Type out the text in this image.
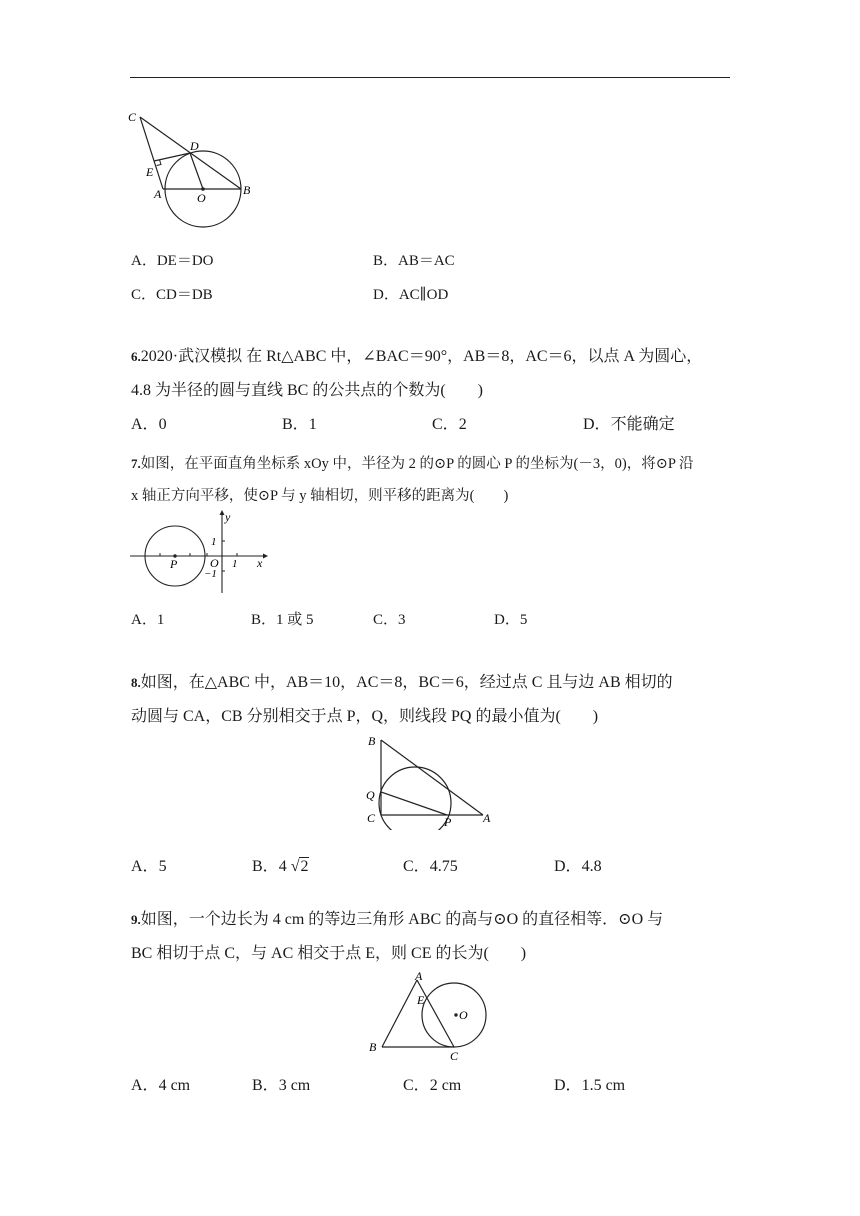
C
D
E
A	O
B
A．DE＝DO	B．AB＝AC
C．CD＝DB	D．AC∥OD
6.2020·武汉模拟 在 Rt△ABC 中，∠BAC＝90°，AB＝8，AC＝6，以点 A 为圆心，
4.8 为半径的圆与直线 BC 的公共点的个数为(　　)
A．0	B．1	C．2	D．不能确定
7.如图，在平面直角坐标系 xOy 中，半径为 2 的⊙P 的圆心 P 的坐标为(－3，0)，将⊙P 沿
x 轴正方向平移，使⊙P 与 y 轴相切，则平移的距离为(　　)
y
x
O
P
1
−1
1
A．1	B．1 或 5	C．3	D．5
8.如图，在△ABC 中，AB＝10，AC＝8，BC＝6，经过点 C 且与边 AB 相切的
动圆与 CA，CB 分别相交于点 P，Q，则线段 PQ 的最小值为(　　)
B
Q
C	P	A
A．5	B．4 √2	C．4.75	D．4.8
9.如图，一个边长为 4 cm 的等边三角形 ABC 的高与⊙O 的直径相等．⊙O 与
BC 相切于点 C，与 AC 相交于点 E，则 CE 的长为(　　)
A
E
O
B
C
A．4 cm	B．3 cm	C．2 cm	D．1.5 cm
